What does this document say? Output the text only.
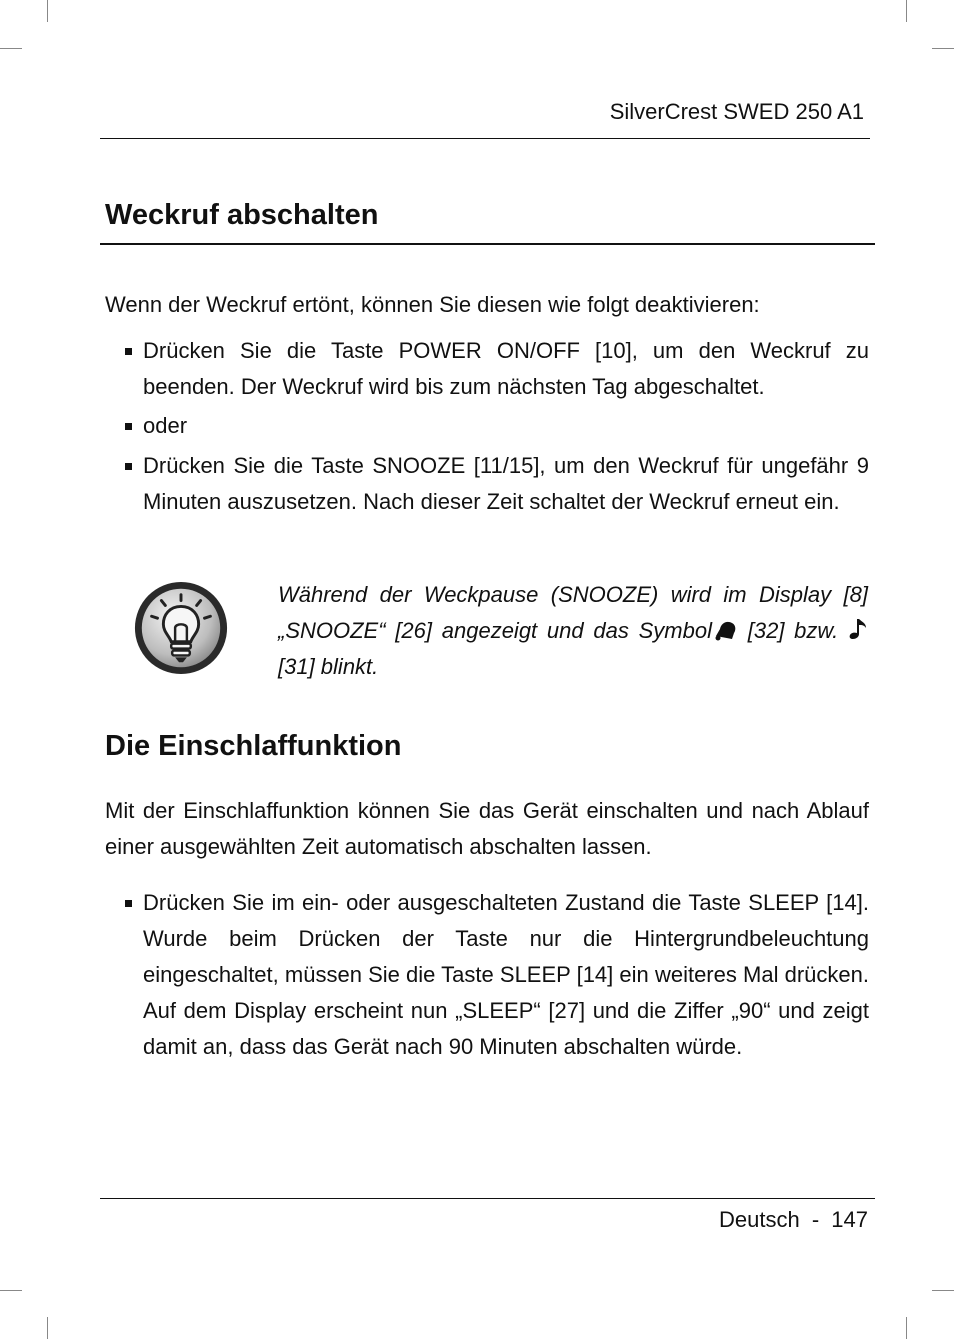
SilverCrest SWED 250 A1
Weckruf abschalten

Wenn der Weckruf ertönt, können Sie diesen wie folgt deaktivieren:

Drücken Sie die Taste POWER ON/OFF [10], um den Weckruf zu beenden. Der Weckruf wird bis zum nächsten Tag abgeschaltet.
oder
Drücken Sie die Taste SNOOZE [11/15], um den Weckruf für ungefähr 9 Minuten auszusetzen. Nach dieser Zeit schaltet der Weckruf erneut ein.

Während der Weckpause (SNOOZE) wird im Display [8] „SNOOZE“ [26] angezeigt und das Symbol [32] bzw.  [31] blinkt.

Die Einschlaffunktion

Mit der Einschlaffunktion können Sie das Gerät einschalten und nach Ablauf einer ausgewählten Zeit automatisch abschalten lassen.

Drücken Sie im ein- oder ausgeschalteten Zustand die Taste SLEEP [14]. Wurde beim Drücken der Taste nur die Hintergrundbeleuchtung eingeschaltet, müssen Sie die Taste SLEEP [14] ein weiteres Mal drücken. Auf dem Display erscheint nun „SLEEP“ [27] und die Ziffer „90“ und zeigt damit an, dass das Gerät nach 90 Minuten abschalten würde.
Deutsch - 147
